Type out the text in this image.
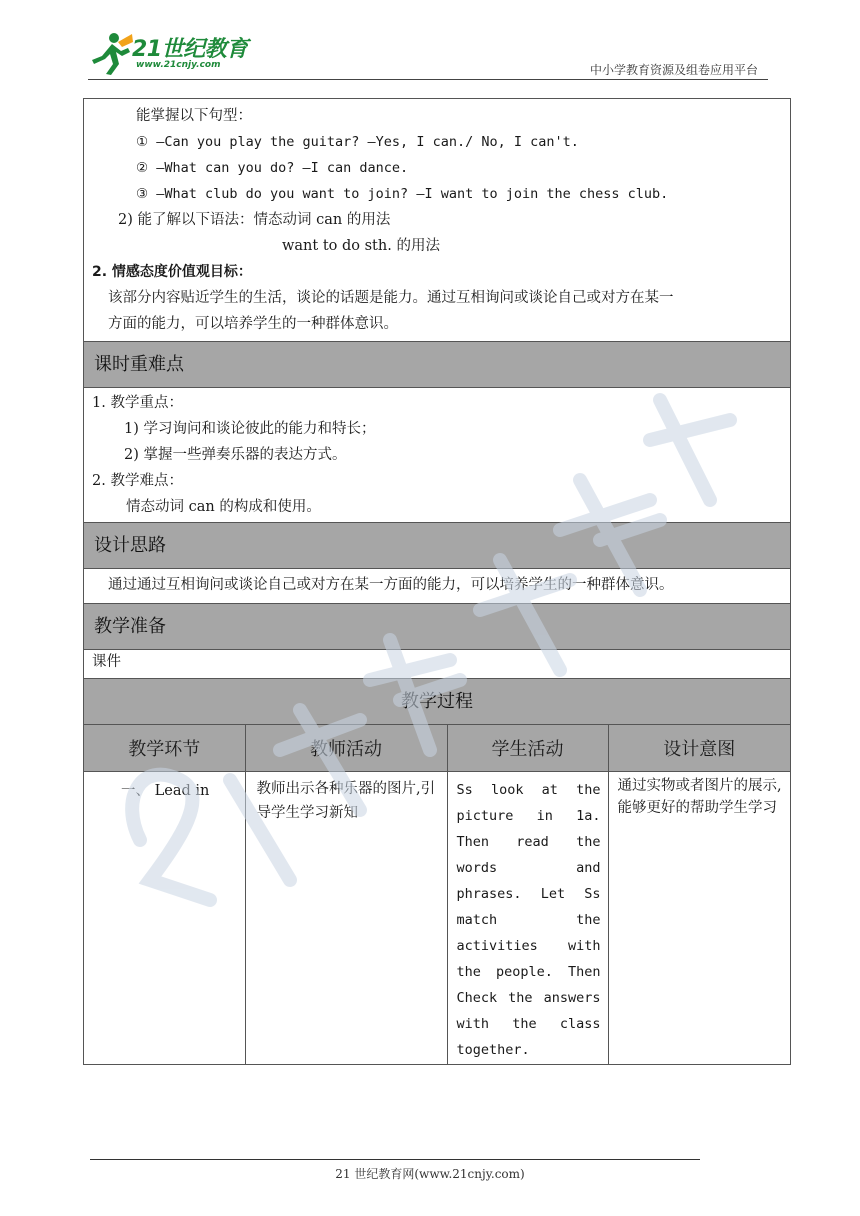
21世纪教育
www.21cnjy.com	中小学教育资源及组卷应用平台
能掌握以下句型：
① —Can you play the guitar? —Yes, I can./ No, I can't.
② —What can you do? —I can dance.
③ —What club do you want to join? —I want to join the chess club.
2) 能了解以下语法：情态动词 can 的用法
want to do sth. 的用法
2. 情感态度价值观目标：
该部分内容贴近学生的生活，谈论的话题是能力。通过互相询问或谈论自己或对方在某一
方面的能力，可以培养学生的一种群体意识。
课时重难点
1. 教学重点：
1) 学习询问和谈论彼此的能力和特长；
2) 掌握一些弹奏乐器的表达方式。
2. 教学难点：
情态动词 can 的构成和使用。
设计思路
通过通过互相询问或谈论自己或对方在某一方面的能力，可以培养学生的一种群体意识。
教学准备
课件
教学过程
教学环节	教师活动	学生活动	设计意图

一、 Lead in	教师出示各种乐器的图片,引导学生学习新知	Ss look at the picture in 1a. Then read the words and phrases. Let Ss match the activities with the people. Then Check the answers with the class together.	通过实物或者图片的展示,能够更好的帮助学生学习
21 世纪教育网(www.21cnjy.com)
